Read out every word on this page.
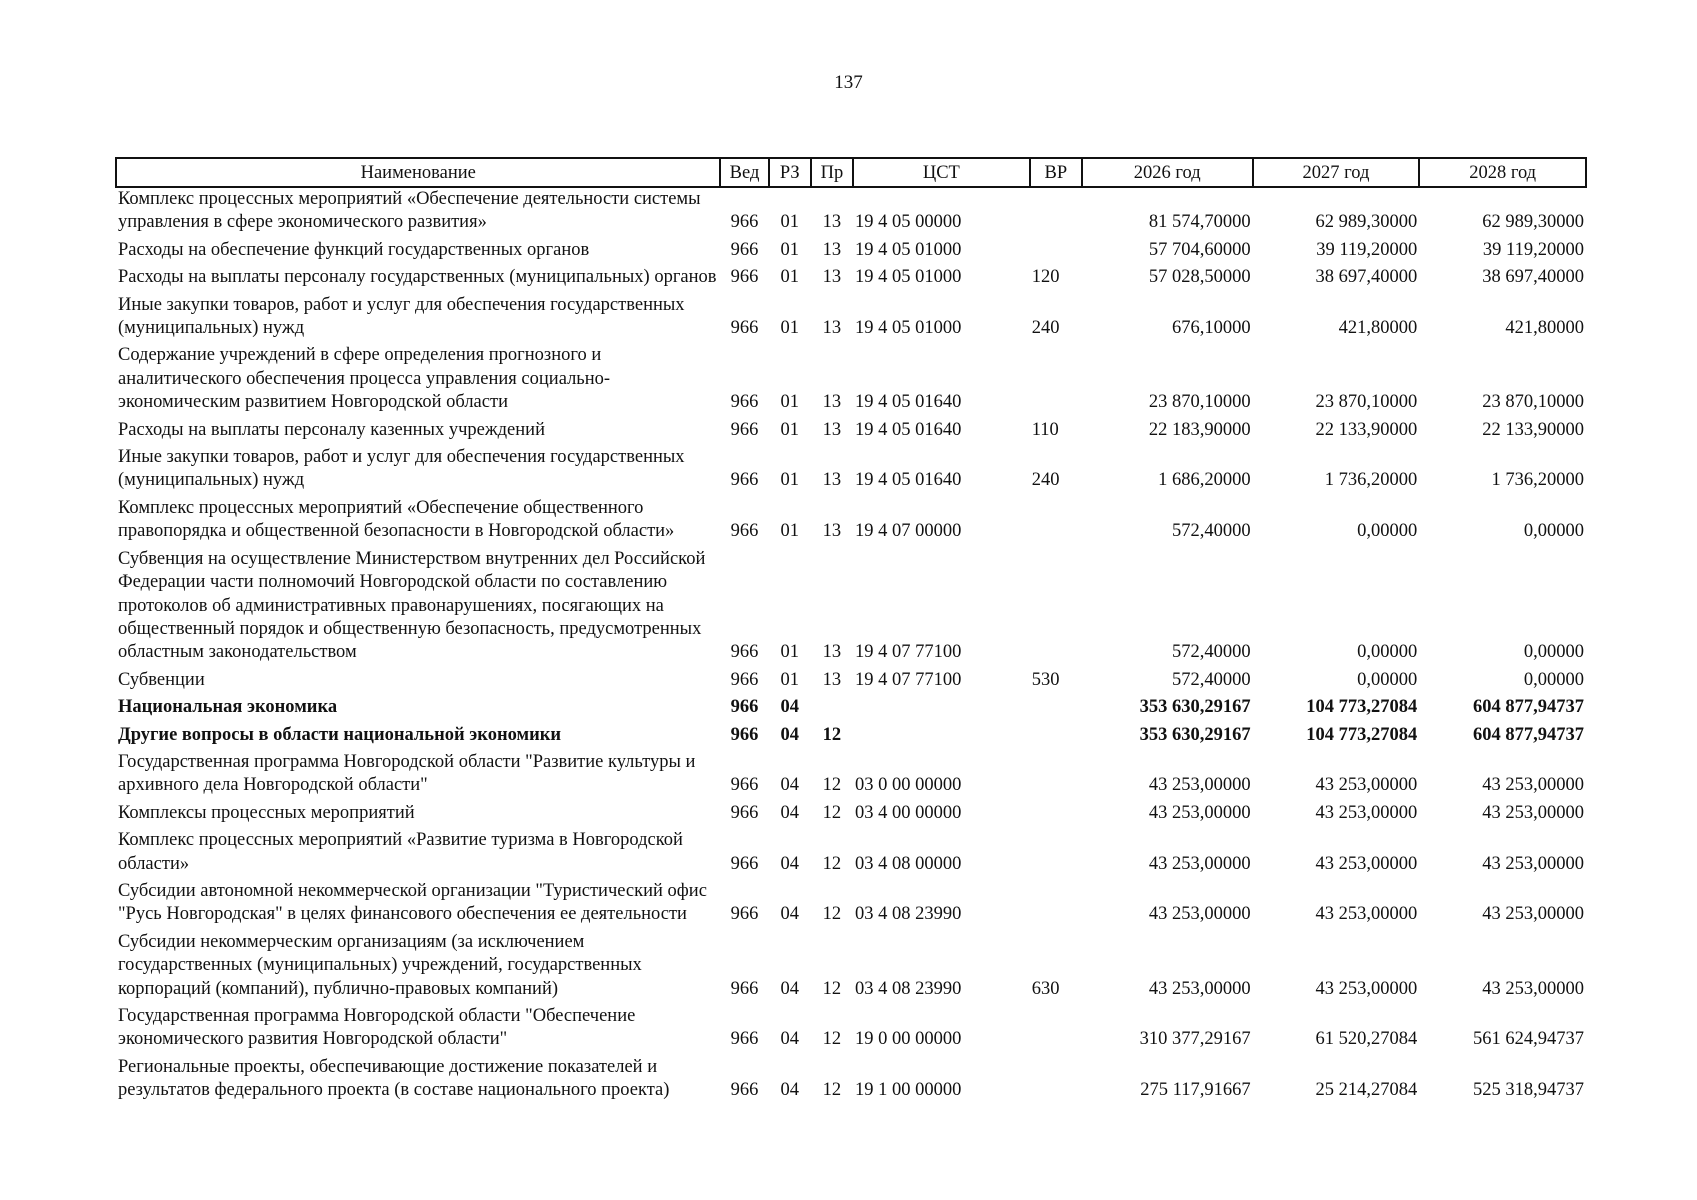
137
Наименование	Вед	РЗ	Пр	ЦСТ	ВР	2026 год	2027 год	2028 год
Комплекс процессных мероприятий «Обеспечение деятельности системы управления в сфере экономического развития»	966	01	13	19 4 05 00000		81 574,70000	62 989,30000	62 989,30000
Расходы на обеспечение функций государственных органов	966	01	13	19 4 05 01000		57 704,60000	39 119,20000	39 119,20000
Расходы на выплаты персоналу государственных (муниципальных) органов	966	01	13	19 4 05 01000	120	57 028,50000	38 697,40000	38 697,40000
Иные закупки товаров, работ и услуг для обеспечения государственных (муниципальных) нужд	966	01	13	19 4 05 01000	240	676,10000	421,80000	421,80000
Содержание учреждений в сфере определения прогнозного и аналитического обеспечения процесса управления социально-экономическим развитием Новгородской области	966	01	13	19 4 05 01640		23 870,10000	23 870,10000	23 870,10000
Расходы на выплаты персоналу казенных учреждений	966	01	13	19 4 05 01640	110	22 183,90000	22 133,90000	22 133,90000
Иные закупки товаров, работ и услуг для обеспечения государственных (муниципальных) нужд	966	01	13	19 4 05 01640	240	1 686,20000	1 736,20000	1 736,20000
Комплекс процессных мероприятий «Обеспечение общественного правопорядка и общественной безопасности в Новгородской области»	966	01	13	19 4 07 00000		572,40000	0,00000	0,00000
Субвенция на осуществление Министерством внутренних дел Российской Федерации части полномочий Новгородской области по составлению протоколов об административных правонарушениях, посягающих на общественный порядок и общественную безопасность, предусмотренных областным законодательством	966	01	13	19 4 07 77100		572,40000	0,00000	0,00000
Субвенции	966	01	13	19 4 07 77100	530	572,40000	0,00000	0,00000
Национальная экономика	966	04				353 630,29167	104 773,27084	604 877,94737
Другие вопросы в области национальной экономики	966	04	12			353 630,29167	104 773,27084	604 877,94737
Государственная программа Новгородской области "Развитие культуры и архивного дела Новгородской области"	966	04	12	03 0 00 00000		43 253,00000	43 253,00000	43 253,00000
Комплексы процессных мероприятий	966	04	12	03 4 00 00000		43 253,00000	43 253,00000	43 253,00000
Комплекс процессных мероприятий «Развитие туризма в Новгородской области»	966	04	12	03 4 08 00000		43 253,00000	43 253,00000	43 253,00000
Субсидии автономной некоммерческой организации "Туристический офис "Русь Новгородская" в целях финансового обеспечения ее деятельности	966	04	12	03 4 08 23990		43 253,00000	43 253,00000	43 253,00000
Субсидии некоммерческим организациям (за исключением государственных (муниципальных) учреждений, государственных корпораций (компаний), публично-правовых компаний)	966	04	12	03 4 08 23990	630	43 253,00000	43 253,00000	43 253,00000
Государственная программа Новгородской области "Обеспечение экономического развития Новгородской области"	966	04	12	19 0 00 00000		310 377,29167	61 520,27084	561 624,94737
Региональные проекты, обеспечивающие достижение показателей и результатов федерального проекта (в составе национального проекта)	966	04	12	19 1 00 00000		275 117,91667	25 214,27084	525 318,94737
